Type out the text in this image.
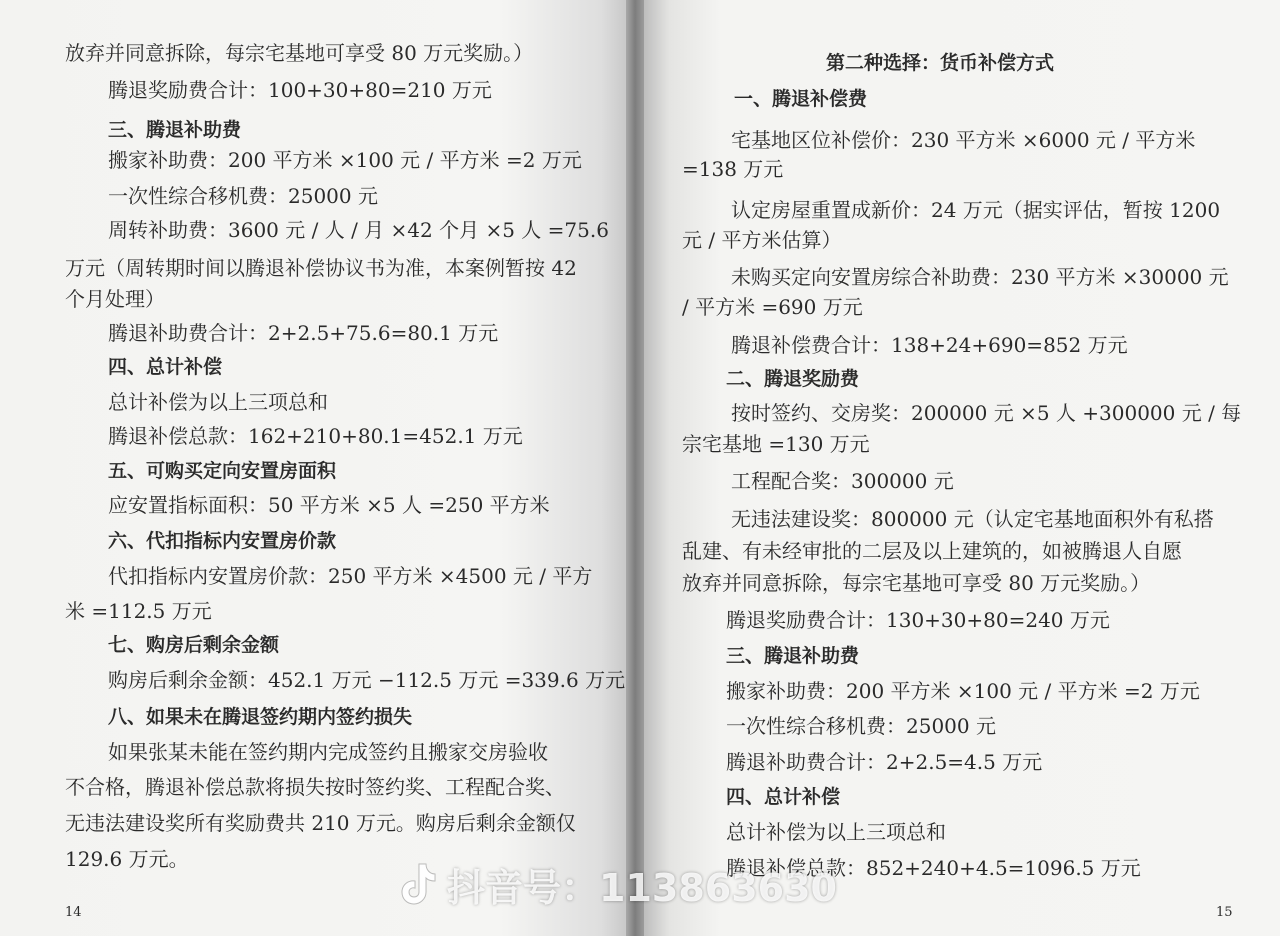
放弃并同意拆除，每宗宅基地可享受 80 万元奖励。）
腾退奖励费合计：100+30+80=210 万元
三、腾退补助费
搬家补助费：200 平方米 ×100 元 / 平方米 =2 万元
一次性综合移机费：25000 元
周转补助费：3600 元 / 人 / 月 ×42 个月 ×5 人 =75.6
万元（周转期时间以腾退补偿协议书为准，本案例暂按 42
个月处理）
腾退补助费合计：2+2.5+75.6=80.1 万元
四、总计补偿
总计补偿为以上三项总和
腾退补偿总款：162+210+80.1=452.1 万元
五、可购买定向安置房面积
应安置指标面积：50 平方米 ×5 人 =250 平方米
六、代扣指标内安置房价款
代扣指标内安置房价款：250 平方米 ×4500 元 / 平方
米 =112.5 万元
七、购房后剩余金额
购房后剩余金额：452.1 万元 −112.5 万元 =339.6 万元
八、如果未在腾退签约期内签约损失
如果张某未能在签约期内完成签约且搬家交房验收
不合格，腾退补偿总款将损失按时签约奖、工程配合奖、
无违法建设奖所有奖励费共 210 万元。购房后剩余金额仅
129.6 万元。
14
第二种选择：货币补偿方式
一、腾退补偿费
宅基地区位补偿价：230 平方米 ×6000 元 / 平方米
=138 万元
认定房屋重置成新价：24 万元（据实评估，暂按 1200
元 / 平方米估算）
未购买定向安置房综合补助费：230 平方米 ×30000 元
/ 平方米 =690 万元
腾退补偿费合计：138+24+690=852 万元
二、腾退奖励费
按时签约、交房奖：200000 元 ×5 人 +300000 元 / 每
宗宅基地 =130 万元
工程配合奖：300000 元
无违法建设奖：800000 元（认定宅基地面积外有私搭
乱建、有未经审批的二层及以上建筑的，如被腾退人自愿
放弃并同意拆除，每宗宅基地可享受 80 万元奖励。）
腾退奖励费合计：130+30+80=240 万元
三、腾退补助费
搬家补助费：200 平方米 ×100 元 / 平方米 =2 万元
一次性综合移机费：25000 元
腾退补助费合计：2+2.5=4.5 万元
四、总计补偿
总计补偿为以上三项总和
腾退补偿总款：852+240+4.5=1096.5 万元
15
抖音号：113863630
